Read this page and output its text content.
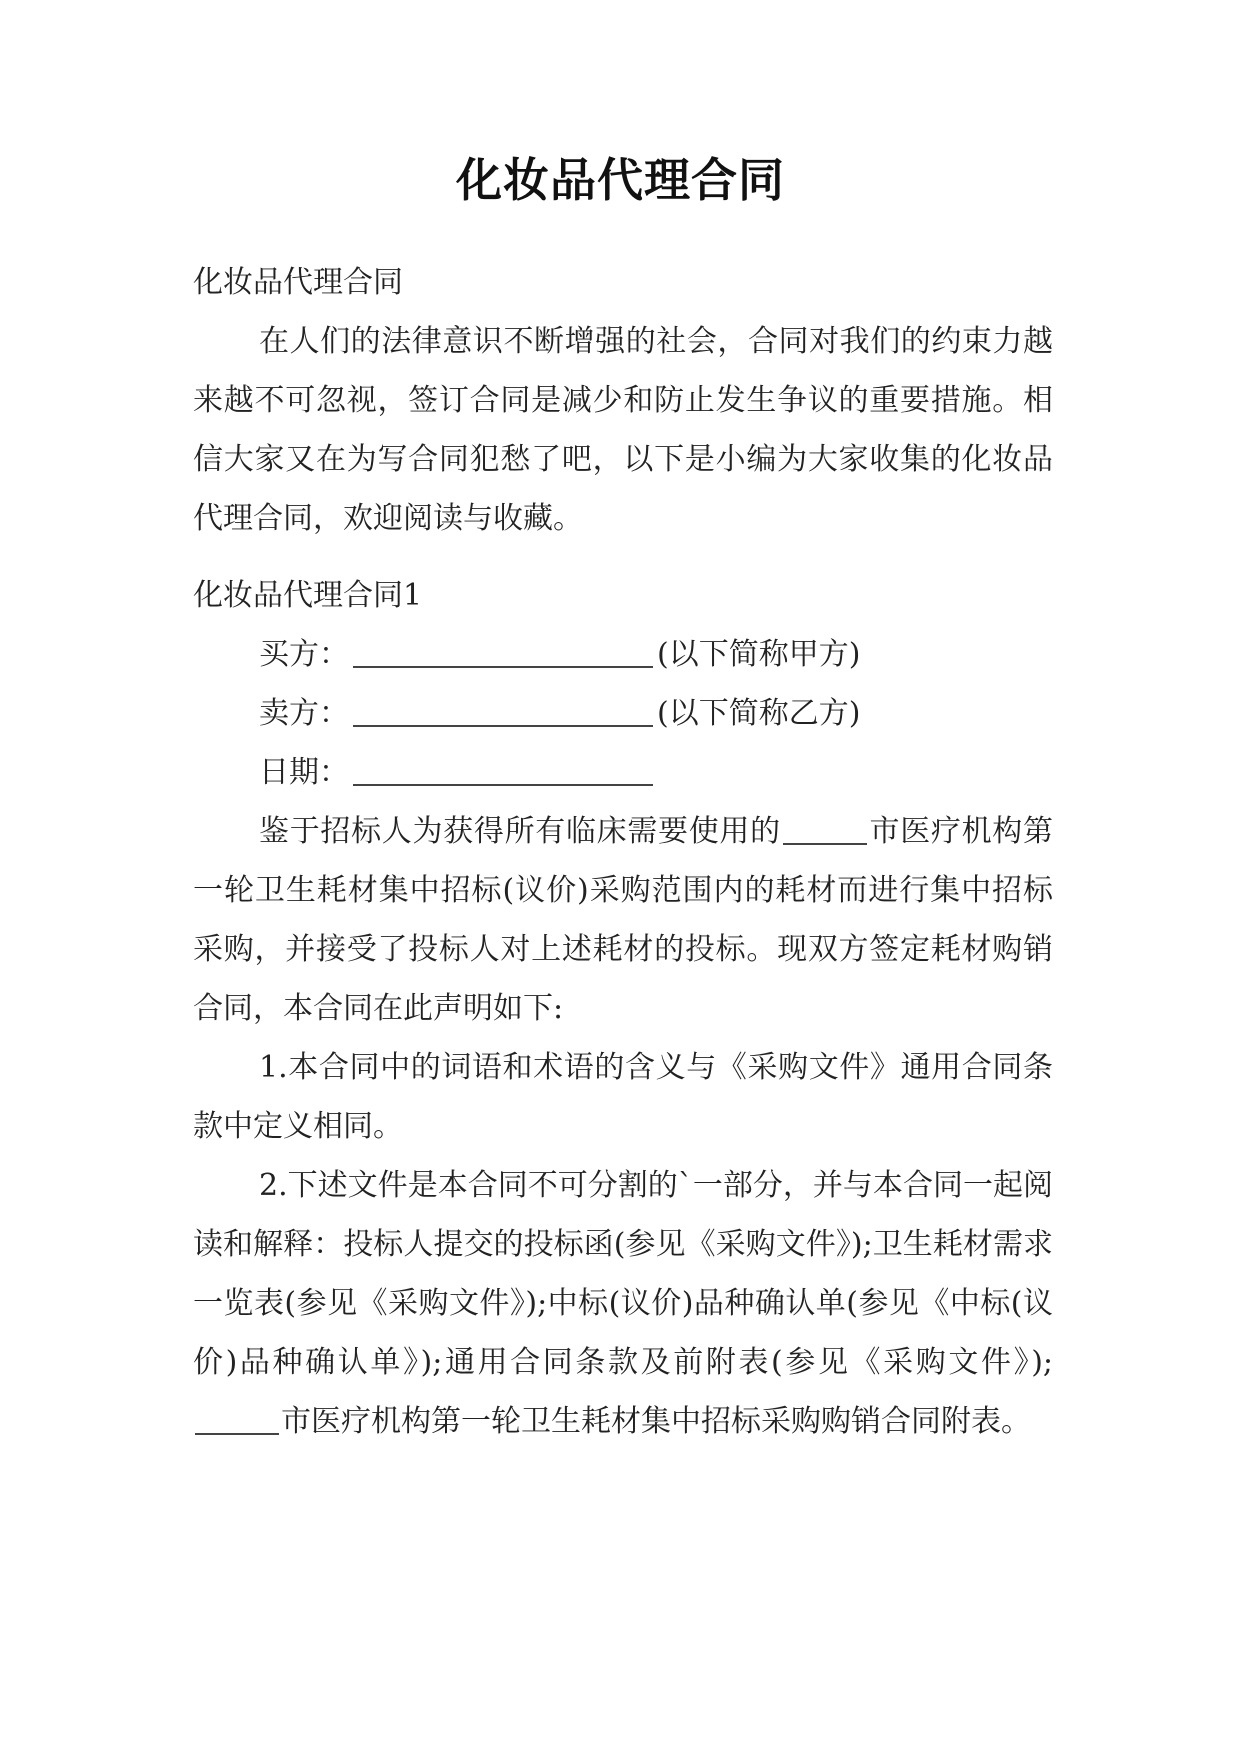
化妆品代理合同

化妆品代理合同

在人们的法律意识不断增强的社会，合同对我们的约束力越来越不可忽视，签订合同是减少和防止发生争议的重要措施。相信大家又在为写合同犯愁了吧，以下是小编为大家收集的化妆品代理合同，欢迎阅读与收藏。

化妆品代理合同1

买方：	(以下简称甲方)
卖方：	(以下简称乙方)
日期：

鉴于招标人为获得所有临床需要使用的	市医疗机构第一轮卫生耗材集中招标(议价)采购范围内的耗材而进行集中招标采购，并接受了投标人对上述耗材的投标。现双方签定耗材购销合同，本合同在此声明如下:

1.本合同中的词语和术语的含义与《采购文件》通用合同条款中定义相同。

2.下述文件是本合同不可分割的`一部分，并与本合同一起阅读和解释：投标人提交的投标函(参见《采购文件》);卫生耗材需求一览表(参见《采购文件》);中标(议价)品种确认单(参见《中标(议价)品种确认单》);通用合同条款及前附表(参见《采购文件》);市医疗机构第一轮卫生耗材集中招标采购购销合同附表。
